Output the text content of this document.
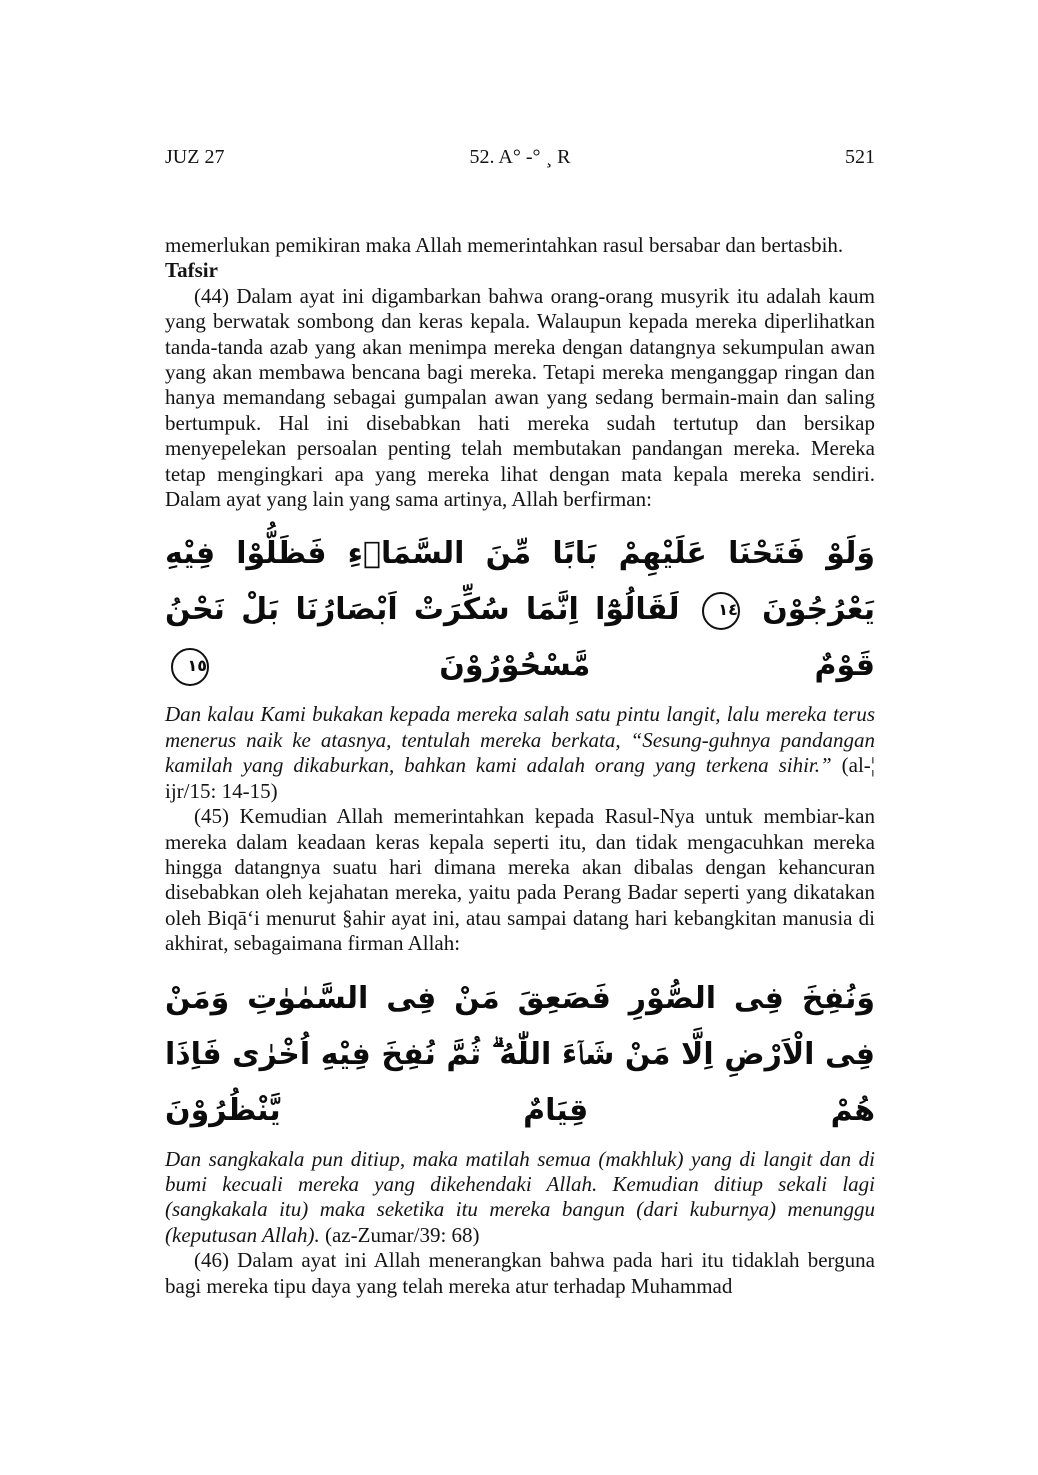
JUZ 27	52. A° -° ¸ R	521

memerlukan pemikiran maka Allah memerintahkan rasul bersabar dan bertasbih.

Tafsir

(44) Dalam ayat ini digambarkan bahwa orang-orang musyrik itu adalah kaum yang berwatak sombong dan keras kepala. Walaupun kepada mereka diperlihatkan tanda-tanda azab yang akan menimpa mereka dengan datangnya sekumpulan awan yang akan membawa bencana bagi mereka. Tetapi mereka menganggap ringan dan hanya memandang sebagai gumpalan awan yang sedang bermain-main dan saling bertumpuk. Hal ini disebabkan hati mereka sudah tertutup dan bersikap menyepelekan persoalan penting telah membutakan pandangan mereka. Mereka tetap mengingkari apa yang mereka lihat dengan mata kepala mereka sendiri. Dalam ayat yang lain yang sama artinya, Allah berfirman:

وَلَوْ فَتَحْنَا عَلَيْهِمْ بَابًا مِّنَ السَّمَاۤءِ فَظَلُّوْا فِيْهِ يَعْرُجُوْنَ ١٤ لَقَالُوْٓا اِنَّمَا سُكِّرَتْ اَبْصَارُنَا بَلْ نَحْنُ قَوْمٌ مَّسْحُوْرُوْنَ ١٥

Dan kalau Kami bukakan kepada mereka salah satu pintu langit, lalu mereka terus menerus naik ke atasnya, tentulah mereka berkata, “Sesung-guhnya pandangan kamilah yang dikaburkan, bahkan kami adalah orang yang terkena sihir.” (al-¦ ijr/15: 14-15)

(45) Kemudian Allah memerintahkan kepada Rasul-Nya untuk membiar-kan mereka dalam keadaan keras kepala seperti itu, dan tidak mengacuhkan mereka hingga datangnya suatu hari dimana mereka akan dibalas dengan kehancuran disebabkan oleh kejahatan mereka, yaitu pada Perang Badar seperti yang dikatakan oleh Biqā‘i menurut §ahir ayat ini, atau sampai datang hari kebangkitan manusia di akhirat, sebagaimana firman Allah:

وَنُفِخَ فِى الصُّوْرِ فَصَعِقَ مَنْ فِى السَّمٰوٰتِ وَمَنْ فِى الْاَرْضِ اِلَّا مَنْ شَاۤءَ اللّٰهُ ۗ ثُمَّ نُفِخَ فِيْهِ اُخْرٰى فَاِذَا هُمْ قِيَامٌ يَّنْظُرُوْنَ

Dan sangkakala pun ditiup, maka matilah semua (makhluk) yang di langit dan di bumi kecuali mereka yang dikehendaki Allah. Kemudian ditiup sekali lagi (sangkakala itu) maka seketika itu mereka bangun (dari kuburnya) menunggu (keputusan Allah). (az-Zumar/39: 68)

(46) Dalam ayat ini Allah menerangkan bahwa pada hari itu tidaklah berguna bagi mereka tipu daya yang telah mereka atur terhadap Muhammad
